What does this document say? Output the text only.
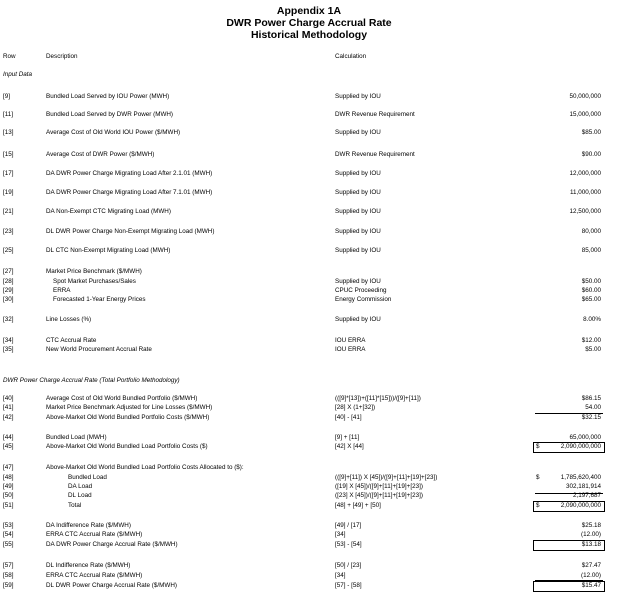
Appendix 1A
DWR Power Charge Accrual Rate
Historical Methodology
Row	Description	Calculation
Input Data
DWR Power Charge Accrual Rate (Total Portfolio Methodology)
[9]	Bundled Load Served by IOU Power (MWH)	Supplied by IOU	50,000,000
[11]	Bundled Load Served by DWR Power (MWH)	DWR Revenue Requirement	15,000,000
[13]	Average Cost of Old World IOU Power ($/MWH)	Supplied by IOU	$85.00
[15]	Average Cost of DWR Power ($/MWH)	DWR Revenue Requirement	$90.00
[17]	DA DWR Power Charge Migrating Load After 2.1.01 (MWH)	Supplied by IOU	12,000,000
[19]	DA DWR Power Charge Migrating Load After 7.1.01 (MWH)	Supplied by IOU	11,000,000
[21]	DA Non-Exempt CTC Migrating Load (MWH)	Supplied by IOU	12,500,000
[23]	DL DWR Power Charge Non-Exempt Migrating Load (MWH)	Supplied by IOU	80,000
[25]	DL CTC Non-Exempt Migrating Load (MWH)	Supplied by IOU	85,000
[27]	Market Price Benchmark ($/MWH)
[28]	Spot Market Purchases/Sales	Supplied by IOU	$50.00
[29]	ERRA	CPUC Proceeding	$60.00
[30]	Forecasted 1-Year Energy Prices	Energy Commission	$65.00
[32]	Line Losses (%)	Supplied by IOU	8.00%
[34]	CTC Accrual Rate	IOU ERRA	$12.00
[35]	New World Procurement Accrual Rate	IOU ERRA	$5.00
[40]	Average Cost of Old World Bundled Portfolio ($/MWH)	(([9]*[13])+([11]*[15]))/([9]+[11])	$86.15
[41]	Market Price Benchmark Adjusted for Line Losses ($/MWH)	[28] X (1+[32])	54.00
[42]	Above-Market Old World Bundled Portfolio Costs ($/MWH)	[40] - [41]	$32.15
[44]	Bundled Load (MWH)	[9] + [11]	65,000,000
[45]	Above-Market Old World Bundled Load Portfolio Costs ($)	[42] X [44]	$	2,090,000,000
[47]	Above-Market Old World Bundled Load Portfolio Costs Allocated to ($):
[48]	Bundled Load	(([9]+[11]) X [45])/([9]+[11]+[19]+[23])	$	1,785,620,400
[49]	DA Load	([19] X [45])/([9]+[11]+[19]+[23])	302,181,914
[50]	DL Load	([23] X [45])/([9]+[11]+[19]+[23])	2,197,687
[51]	Total	[48] + [49] + [50]	$	2,090,000,000
[53]	DA Indifference Rate ($/MWH)	[49] / [17]	$25.18
[54]	ERRA CTC Accrual Rate ($/MWH)	[34]	(12.00)
[55]	DA DWR Power Charge Accrual Rate ($/MWH)	[53] - [54]	$13.18
[57]	DL Indifference Rate ($/MWH)	[50] / [23]	$27.47
[58]	ERRA CTC Accrual Rate ($/MWH)	[34]	(12.00)
[59]	DL DWR Power Charge Accrual Rate ($/MWH)	[57] - [58]	$15.47
